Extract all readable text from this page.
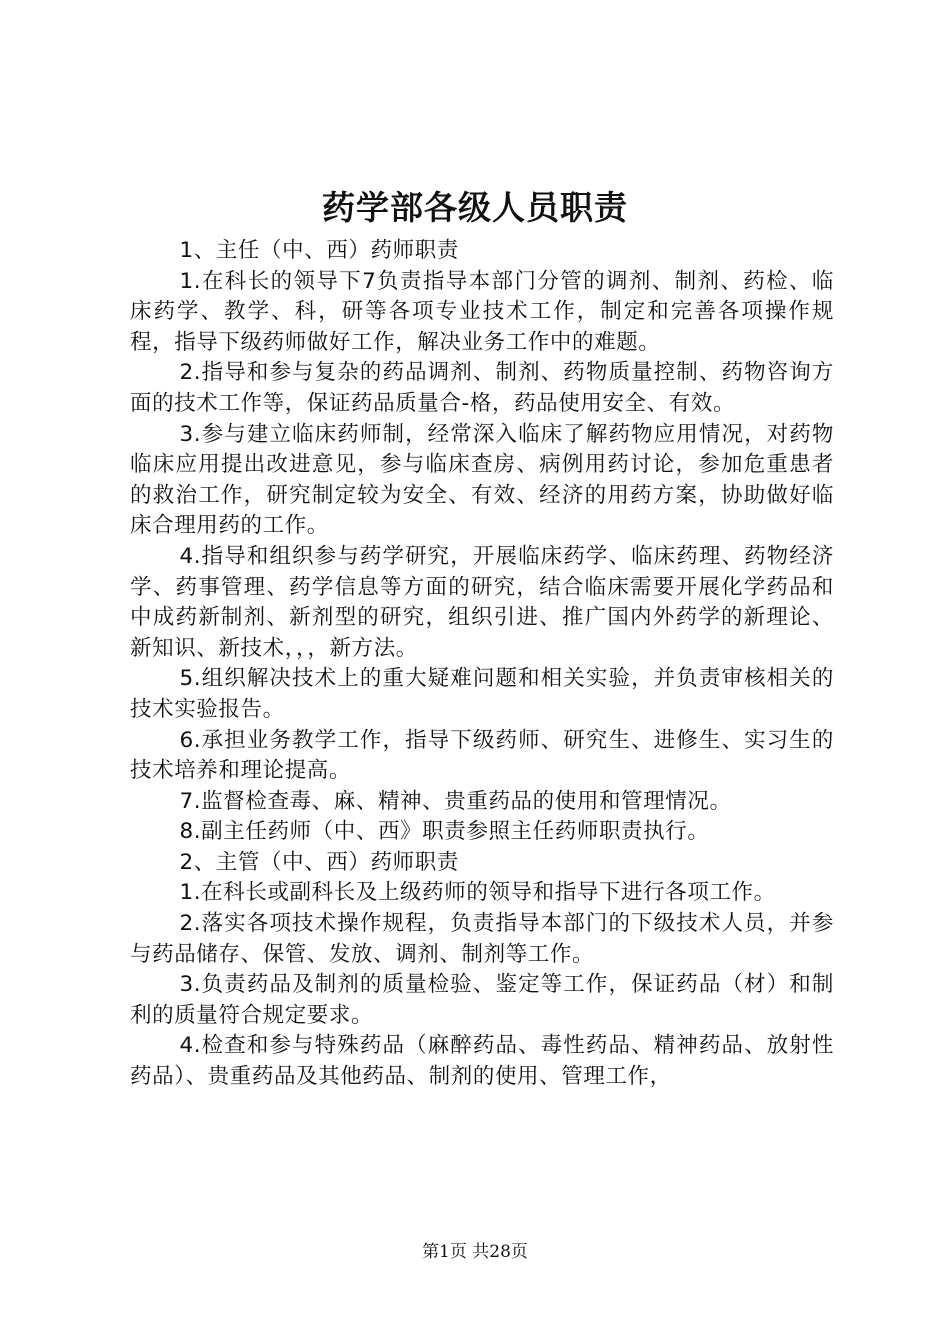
药学部各级人员职责

1、主任（中、西）药师职责

1.在科长的领导下7负责指导本部门分管的调剂、制剂、药检、临床药学、教学、科，研等各项专业技术工作，制定和完善各项操作规程，指导下级药师做好工作，解决业务工作中的难题。

2.指导和参与复杂的药品调剂、制剂、药物质量控制、药物咨询方面的技术工作等，保证药品质量合-格，药品使用安全、有效。

3.参与建立临床药师制，经常深入临床了解药物应用情况，对药物临床应用提出改进意见，参与临床查房、病例用药讨论，参加危重患者的救治工作，研究制定较为安全、有效、经济的用药方案，协助做好临床合理用药的工作。

4.指导和组织参与药学研究，开展临床药学、临床药理、药物经济学、药事管理、药学信息等方面的研究，结合临床需要开展化学药品和中成药新制剂、新剂型的研究，组织引进、推广国内外药学的新理论、新知识、新技术，，，新方法。

5.组织解决技术上的重大疑难问题和相关实验，并负责审核相关的技术实验报告。

6.承担业务教学工作，指导下级药师、研究生、进修生、实习生的技术培养和理论提高。

7.监督检查毒、麻、精神、贵重药品的使用和管理情况。

8.副主任药师（中、西》职责参照主任药师职责执行。

2、主管（中、西）药师职责

1.在科长或副科长及上级药师的领导和指导下进行各项工作。

2.落实各项技术操作规程，负责指导本部门的下级技术人员，并参与药品储存、保管、发放、调剂、制剂等工作。

3.负责药品及制剂的质量检验、鉴定等工作，保证药品（材）和制利的质量符合规定要求。

4.检查和参与特殊药品（麻醉药品、毒性药品、精神药品、放射性药品）、贵重药品及其他药品、制剂的使用、管理工作，

第1页 共28页
